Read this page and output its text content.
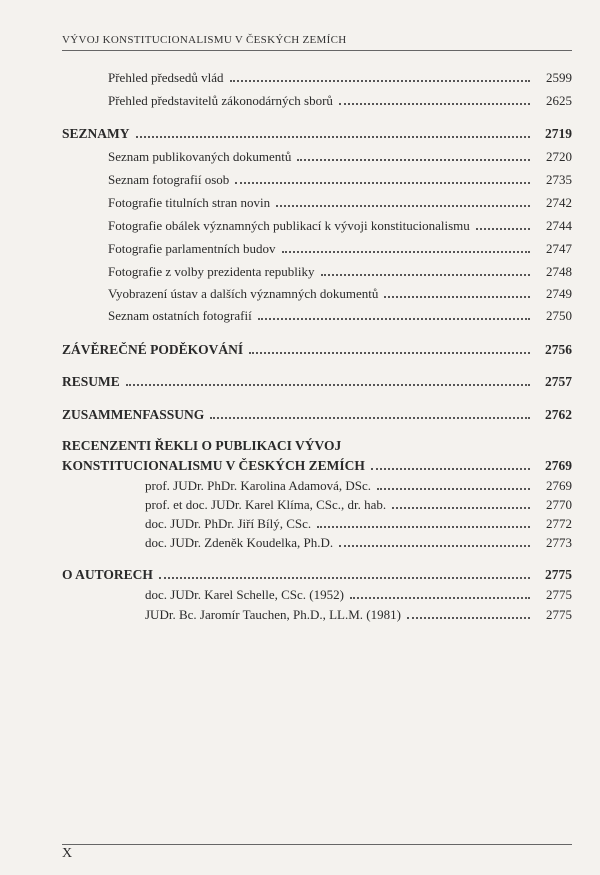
VÝVOJ KONSTITUCIONALISMU V ČESKÝCH ZEMÍCH
Přehled předsedů vlád	2599
Přehled představitelů zákonodárných sborů	2625
SEZNAMY	2719
Seznam publikovaných dokumentů	2720
Seznam fotografií osob	2735
Fotografie titulních stran novin	2742
Fotografie obálek významných publikací k vývoji konstitucionalismu	2744
Fotografie parlamentních budov	2747
Fotografie z volby prezidenta republiky	2748
Vyobrazení ústav a dalších významných dokumentů	2749
Seznam ostatních fotografií	2750
ZÁVĚREČNÉ PODĚKOVÁNÍ	2756
RESUME	2757
ZUSAMMENFASSUNG	2762
RECENZENTI ŘEKLI O PUBLIKACI VÝVOJ
KONSTITUCIONALISMU V ČESKÝCH ZEMÍCH	2769
prof. JUDr. PhDr. Karolina Adamová, DSc.	2769
prof. et doc. JUDr. Karel Klíma, CSc., dr. hab.	2770
doc. JUDr. PhDr. Jiří Bílý, CSc.	2772
doc. JUDr. Zdeněk Koudelka, Ph.D.	2773
O AUTORECH	2775
doc. JUDr. Karel Schelle, CSc. (1952)	2775
JUDr. Bc. Jaromír Tauchen, Ph.D., LL.M. (1981)	2775
X
